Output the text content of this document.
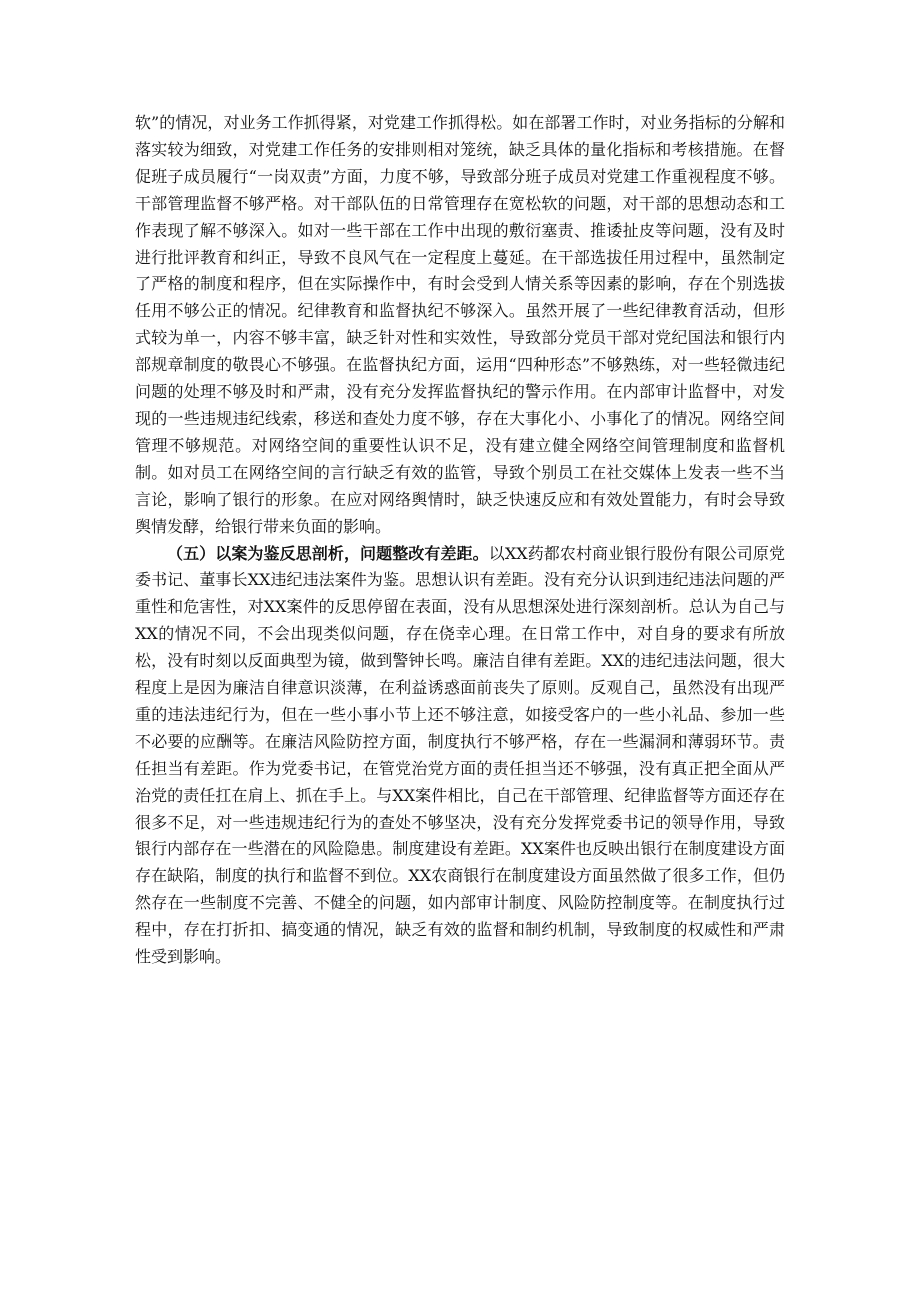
软”的情况，对业务工作抓得紧，对党建工作抓得松。如在部署工作时，对业务指标的分解和落实较为细致，对党建工作任务的安排则相对笼统，缺乏具体的量化指标和考核措施。在督促班子成员履行“一岗双责”方面，力度不够，导致部分班子成员对党建工作重视程度不够。干部管理监督不够严格。对干部队伍的日常管理存在宽松软的问题，对干部的思想动态和工作表现了解不够深入。如对一些干部在工作中出现的敷衍塞责、推诿扯皮等问题，没有及时进行批评教育和纠正，导致不良风气在一定程度上蔓延。在干部选拔任用过程中，虽然制定了严格的制度和程序，但在实际操作中，有时会受到人情关系等因素的影响，存在个别选拔任用不够公正的情况。纪律教育和监督执纪不够深入。虽然开展了一些纪律教育活动，但形式较为单一，内容不够丰富，缺乏针对性和实效性，导致部分党员干部对党纪国法和银行内部规章制度的敬畏心不够强。在监督执纪方面，运用“四种形态”不够熟练，对一些轻微违纪问题的处理不够及时和严肃，没有充分发挥监督执纪的警示作用。在内部审计监督中，对发现的一些违规违纪线索，移送和查处力度不够，存在大事化小、小事化了的情况。网络空间管理不够规范。对网络空间的重要性认识不足，没有建立健全网络空间管理制度和监督机制。如对员工在网络空间的言行缺乏有效的监管，导致个别员工在社交媒体上发表一些不当言论，影响了银行的形象。在应对网络舆情时，缺乏快速反应和有效处置能力，有时会导致舆情发酵，给银行带来负面的影响。

（五）以案为鉴反思剖析，问题整改有差距。以XX药都农村商业银行股份有限公司原党委书记、董事长XX违纪违法案件为鉴。思想认识有差距。没有充分认识到违纪违法问题的严重性和危害性，对XX案件的反思停留在表面，没有从思想深处进行深刻剖析。总认为自己与XX的情况不同，不会出现类似问题，存在侥幸心理。在日常工作中，对自身的要求有所放松，没有时刻以反面典型为镜，做到警钟长鸣。廉洁自律有差距。XX的违纪违法问题，很大程度上是因为廉洁自律意识淡薄，在利益诱惑面前丧失了原则。反观自己，虽然没有出现严重的违法违纪行为，但在一些小事小节上还不够注意，如接受客户的一些小礼品、参加一些不必要的应酬等。在廉洁风险防控方面，制度执行不够严格，存在一些漏洞和薄弱环节。责任担当有差距。作为党委书记，在管党治党方面的责任担当还不够强，没有真正把全面从严治党的责任扛在肩上、抓在手上。与XX案件相比，自己在干部管理、纪律监督等方面还存在很多不足，对一些违规违纪行为的查处不够坚决，没有充分发挥党委书记的领导作用，导致银行内部存在一些潜在的风险隐患。制度建设有差距。XX案件也反映出银行在制度建设方面存在缺陷，制度的执行和监督不到位。XX农商银行在制度建设方面虽然做了很多工作，但仍然存在一些制度不完善、不健全的问题，如内部审计制度、风险防控制度等。在制度执行过程中，存在打折扣、搞变通的情况，缺乏有效的监督和制约机制，导致制度的权威性和严肃性受到影响。
